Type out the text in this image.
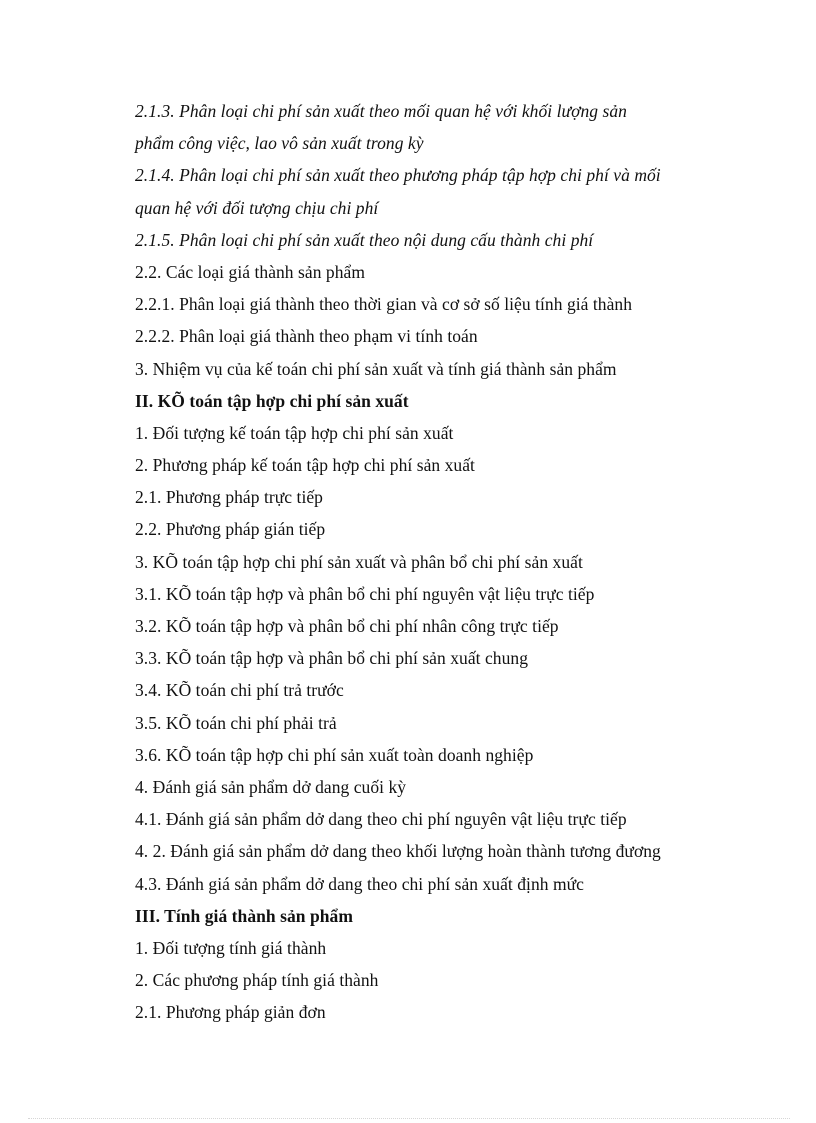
2.1.3. Phân loại chi phí sản xuất theo mối quan hệ với khối lượng sản
phẩm công việc, lao vô sản xuất trong kỳ
2.1.4. Phân loại chi phí sản xuất theo phương pháp tập hợp chi phí và mối
quan hệ với đối tượng chịu chi phí
2.1.5. Phân loại chi phí sản xuất theo nội dung cấu thành chi phí
2.2. Các loại giá thành sản phẩm
2.2.1. Phân loại giá thành theo thời gian và cơ sở số liệu tính giá thành
2.2.2. Phân loại giá thành theo phạm vi tính toán
3. Nhiệm vụ của kế toán chi phí sản xuất và tính giá thành sản phẩm
II. KÕ toán tập hợp chi phí sản xuất
1. Đối tượng kế toán tập hợp chi phí sản xuất
2. Phương pháp kế toán tập hợp chi phí sản xuất
2.1. Phương pháp trực tiếp
2.2. Phương pháp gián tiếp
3. KÕ toán tập hợp chi phí sản xuất và phân bổ chi phí sản xuất
3.1. KÕ toán tập hợp và phân bổ chi phí nguyên vật liệu trực tiếp
3.2. KÕ toán tập hợp và phân bổ chi phí nhân công trực tiếp
3.3. KÕ toán tập hợp và phân bổ chi phí sản xuất chung
3.4. KÕ toán chi phí trả trước
3.5. KÕ toán chi phí phải trả
3.6. KÕ toán tập hợp chi phí sản xuất toàn doanh nghiệp
4. Đánh giá sản phẩm dở dang cuối kỳ
4.1. Đánh giá sản phẩm dở dang theo chi phí nguyên vật liệu trực tiếp
4. 2. Đánh giá sản phẩm dở dang theo khối lượng hoàn thành tương đương
4.3. Đánh giá sản phẩm dở dang theo chi phí sản xuất định mức
III. Tính giá thành sản phẩm
1. Đối tượng tính giá thành
2. Các phương pháp tính giá thành
2.1. Phương pháp giản đơn
